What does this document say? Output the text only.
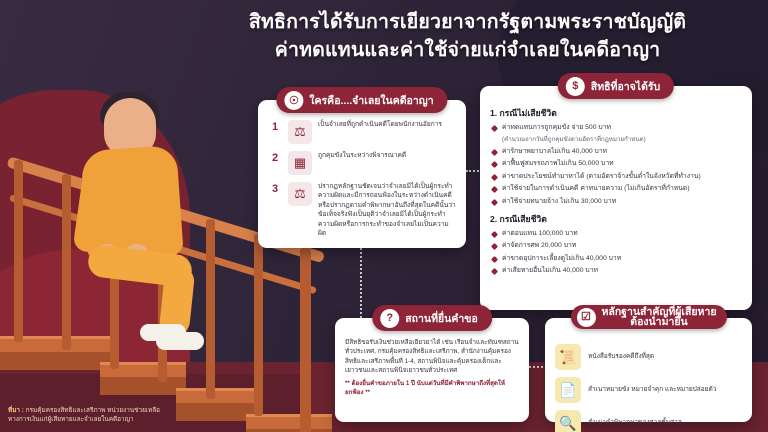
สิทธิการได้รับการเยียวยาจากรัฐตามพระราชบัญญัติ
ค่าทดแทนและค่าใช้จ่ายแก่จำเลยในคดีอาญา
☉	ใครคือ....จำเลยในคดีอาญา
1	⚖	เป็นจำเลยที่ถูกดำเนินคดีโดยพนักงานอัยการ
2	▦	ถูกคุมขังในระหว่างพิจารณาคดี
3	⚖	ปรากฏหลักฐานชัดเจนว่าจำเลยมิได้เป็นผู้กระทำความผิดและมีการถอนฟ้องในระหว่างดำเนินคดี หรือปรากฏตามคำพิพากษาอันถึงที่สุดในคดีนั้นว่าข้อเท็จจริงฟังเป็นยุติว่าจำเลยมิได้เป็นผู้กระทำความผิดหรือการกระทำของจำเลยไม่เป็นความผิด
$	สิทธิที่อาจได้รับ
1. กรณีไม่เสียชีวิต
ค่าทดแทนการถูกคุมขัง จ่าย 500 บาท
(คำนวณจากวันที่ถูกคุมขังตามอัตราที่กฎหมายกำหนด)
ค่ารักษาพยาบาลไม่เกิน 40,000 บาท
ค่าฟื้นฟูสมรรถภาพไม่เกิน 50,000 บาท
ค่าขาดประโยชน์ทำมาหาได้ (ตามอัตราจ้างขั้นต่ำในจังหวัดที่ทำงาน)
ค่าใช้จ่ายในการดำเนินคดี ค่าทนายความ (ไม่เกินอัตราที่กำหนด)
ค่าใช้จ่ายทนายจ้าง ไม่เกิน 30,000 บาท
2. กรณีเสียชีวิต
ค่าตอบแทน 100,000 บาท
ค่าจัดการศพ 20,000 บาท
ค่าขาดอุปการะเลี้ยงดูไม่เกิน 40,000 บาท
ค่าเสียหายอื่นไม่เกิน 40,000 บาท
?	สถานที่ยื่นคำขอ
มีสิทธิขอรับเงินช่วยเหลือเยียวยาได้ เช่น เรือนจำและทัณฑสถานทั่วประเทศ, กรมคุ้มครองสิทธิและเสรีภาพ, สำนักงานคุ้มครองสิทธิและเสรีภาพพื้นที่ 1-4, สถานพินิจและคุ้มครองเด็กและเยาวชนและสถานพินิจเยาวชนทั่วประเทศ
** ต้องยื่นคำขอภายใน 1 ปี นับแต่วันที่มีคำพิพากษาถึงที่สุดให้ยกฟ้อง **
☑	หลักฐานสำคัญที่ผู้เสียหาย
ต้องนำมายื่น
📜	หนังสือรับรองคดีถึงที่สุด
📄	สำเนาหมายขัง หมายจำคุก และหมายปล่อยตัว
🔍	สำเนาคำพิพากษาของศาลชั้นศาล
ที่มา : กรมคุ้มครองสิทธิและเสรีภาพ หน่วยงานช่วยเหลือ
ทางการเงินแก่ผู้เสียหายและจำเลยในคดีอาญา
